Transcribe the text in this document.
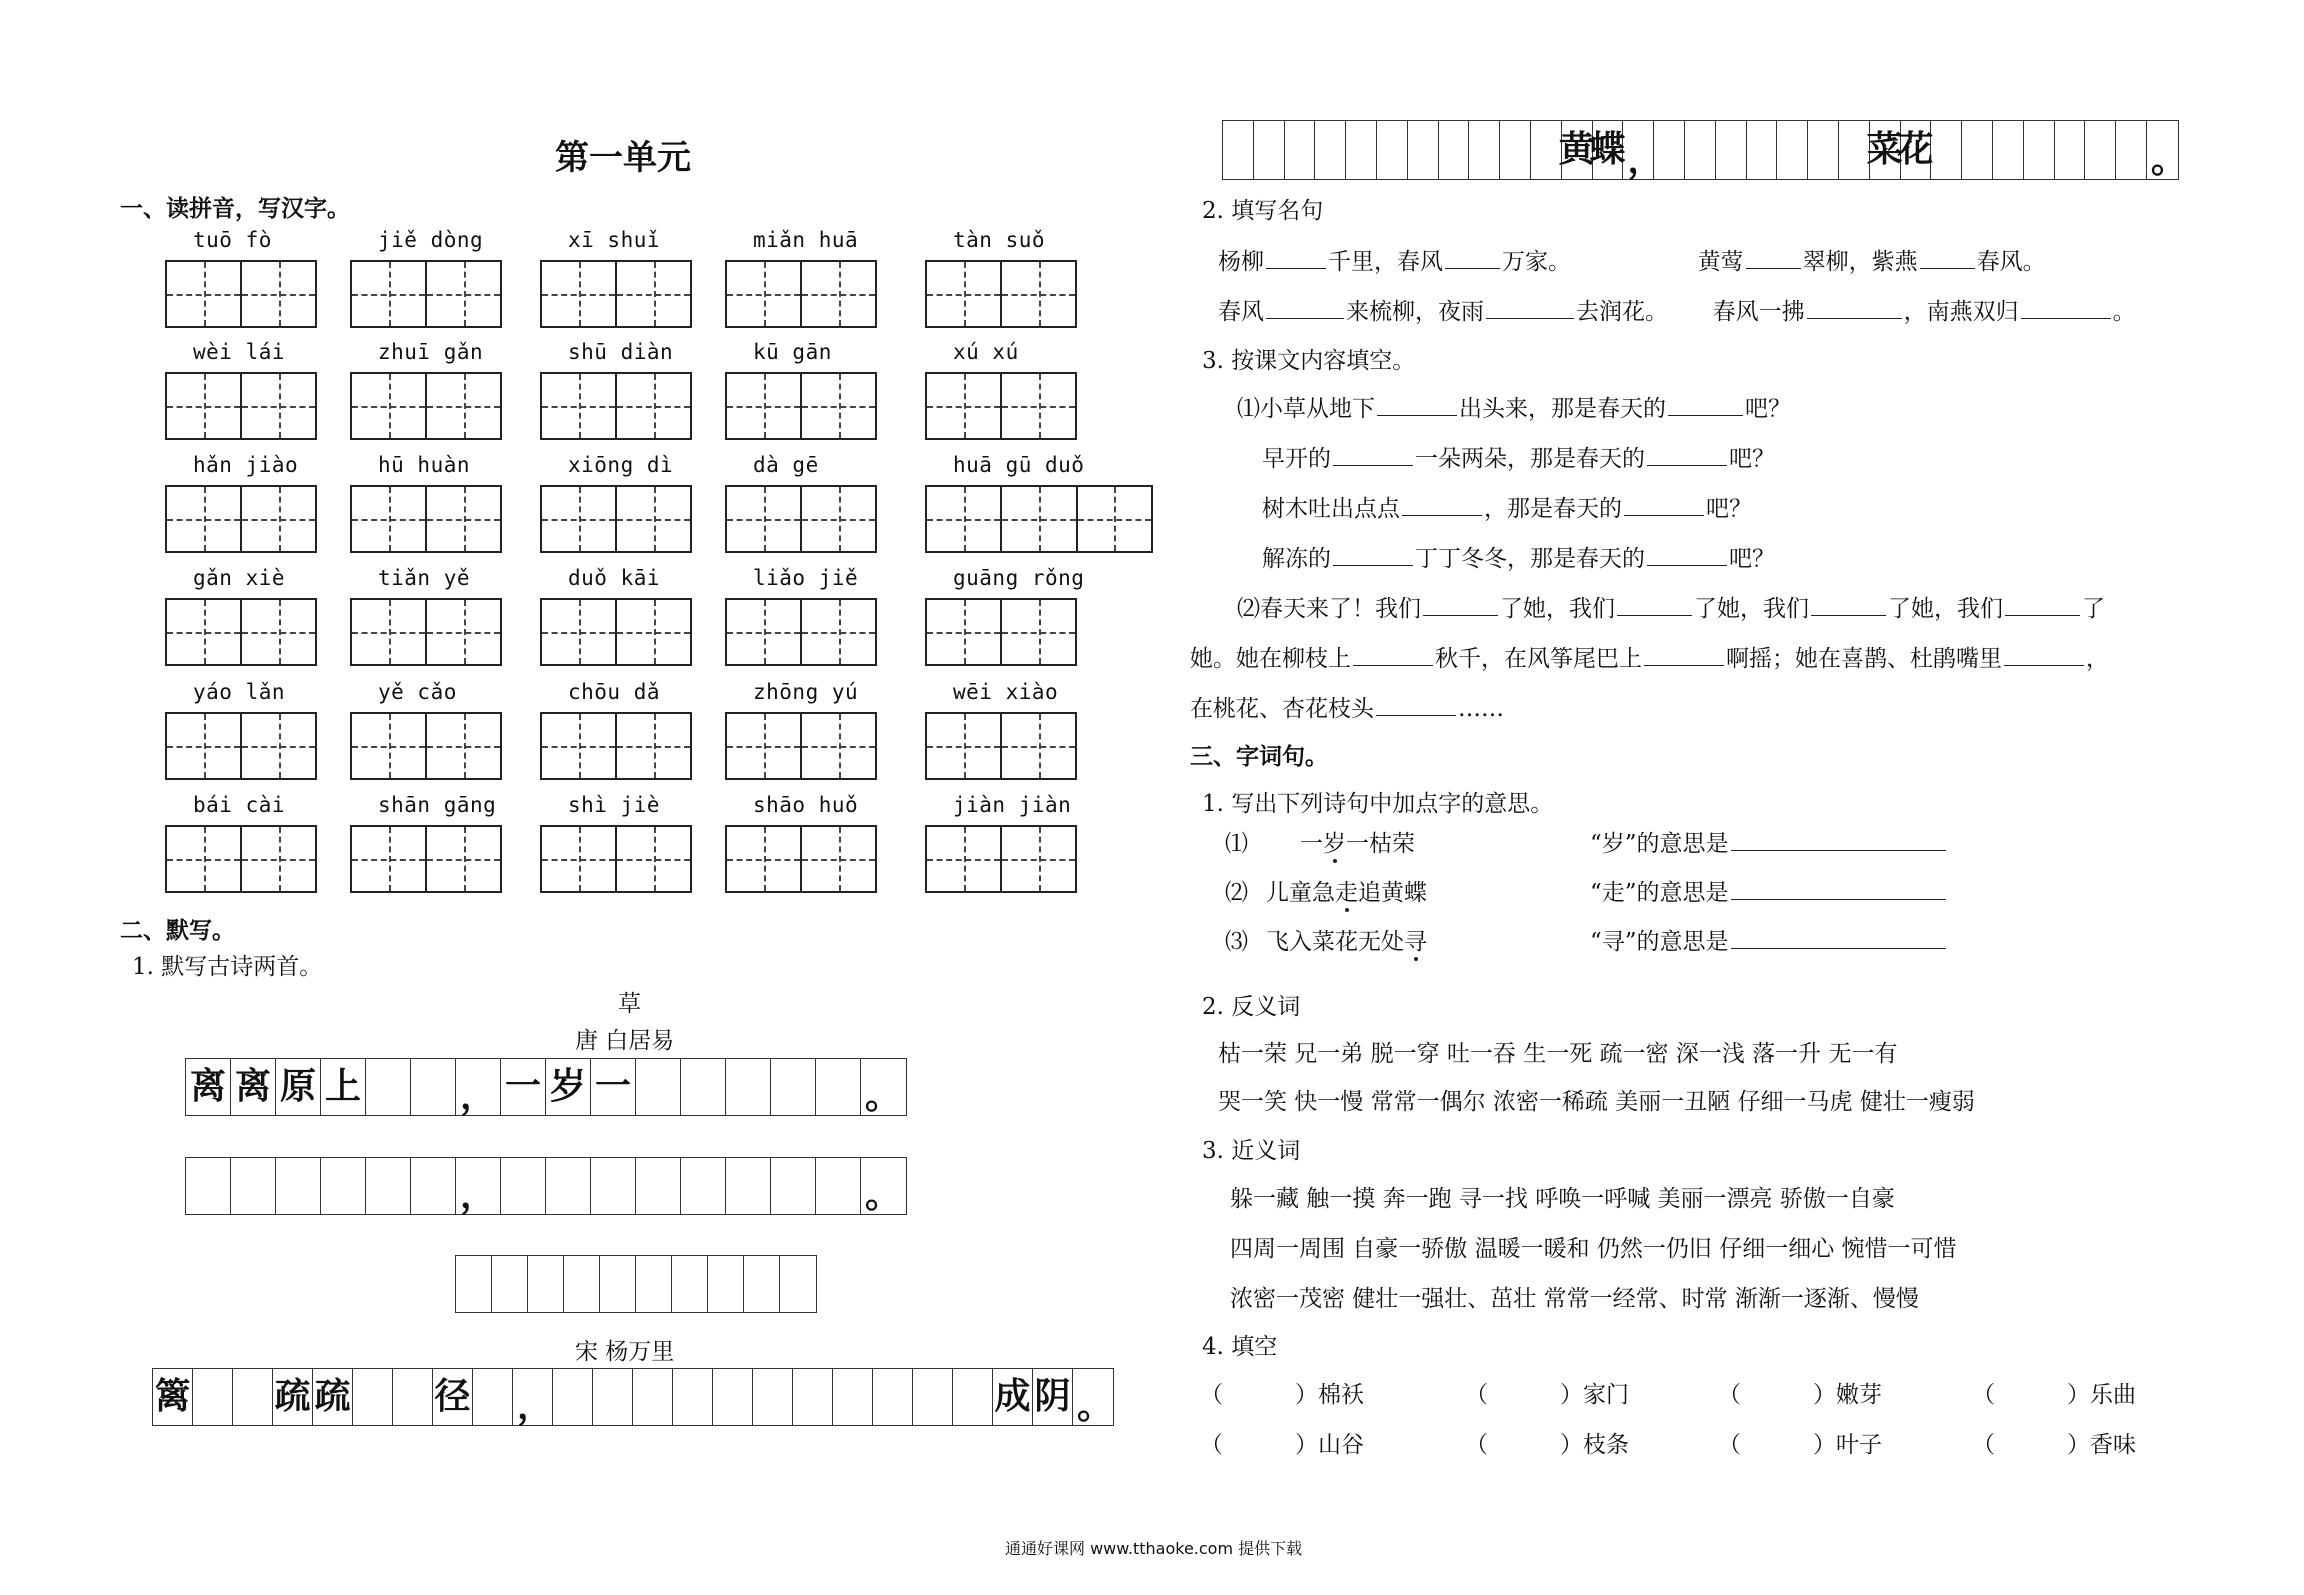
第一单元
一、读拼音，写汉字。
tuō fò	jiě dòng	xī shuǐ	miǎn huā	tàn suǒ
wèi lái	zhuī gǎn	shū diàn	kū gān	xú xú
hǎn jiào	hū huàn	xiōng dì	dà gē	huā gū duǒ
gǎn xiè	tiǎn yě	duǒ kāi	liǎo jiě	guāng rǒng
yáo lǎn	yě cǎo	chōu dǎ	zhōng yú	wēi xiào
bái cài	shān gāng	shì jiè	shāo huǒ	jiàn jiàn
二、默写。
1. 默写古诗两首。
草
唐 白居易
离 离 原 上	， 一 岁 一	。
，	。
宋 杨万里
篱 疏 疏 径 ，	成 阴 。
黄
蝶 ，	菜
花	。
2. 填写名句
杨柳	千里，春风	万家。	黄莺	翠柳，紫燕	春风。
春风	来梳柳，夜雨	去润花。 春风一拂	，南燕双归	。
3. 按课文内容填空。
⑴小草从地下	出头来，那是春天的	吧？
早开的	一朵两朵，那是春天的	吧？
树木吐出点点	，那是春天的	吧？
解冻的	丁丁冬冬，那是春天的	吧？
⑵春天来了！我们	了她，我们	了她，我们	了她，我们	了
她。她在柳枝上	秋千，在风筝尾巴上	啊摇；她在喜鹊、杜鹃嘴里	，
在桃花、杏花枝头	……
三、字词句。
1. 写出下列诗句中加点字的意思。
⑴ 一岁一枯荣	“岁”的意思是
⑵ 儿童急走追黄蝶	“走”的意思是
⑶ 飞入菜花无处寻	“寻”的意思是
2. 反义词
枯一荣 兄一弟 脱一穿 吐一吞 生一死 疏一密 深一浅 落一升 无一有
哭一笑 快一慢 常常一偶尔 浓密一稀疏 美丽一丑陋 仔细一马虎 健壮一瘦弱
3. 近义词
躲一藏 触一摸 奔一跑 寻一找 呼唤一呼喊 美丽一漂亮 骄傲一自豪
四周一周围 自豪一骄傲 温暖一暖和 仍然一仍旧 仔细一细心 惋惜一可惜
浓密一茂密 健壮一强壮、茁壮 常常一经常、时常 渐渐一逐渐、慢慢
4. 填空
（	）棉袄	（	）家门	（	）嫩芽	（	）乐曲
（	）山谷	（	）枝条	（	）叶子	（	）香味
通通好课网 www.tthaoke.com 提供下载
